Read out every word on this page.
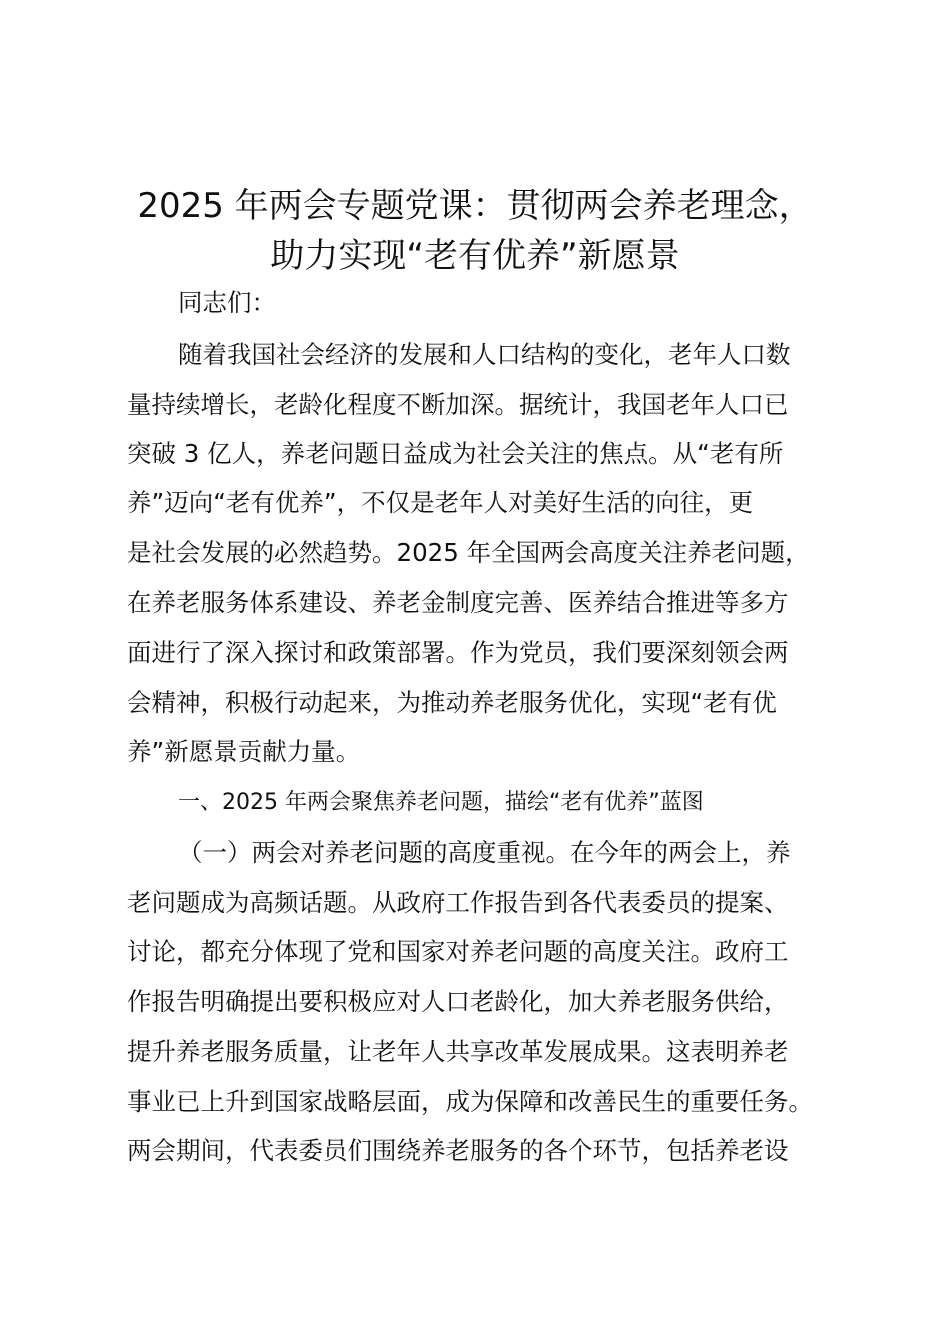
2025 年两会专题党课：贯彻两会养老理念，
助力实现“老有优养”新愿景
同志们：
随着我国社会经济的发展和人口结构的变化，老年人口数
量持续增长，老龄化程度不断加深。据统计，我国老年人口已
突破 3 亿人，养老问题日益成为社会关注的焦点。从“老有所
养”迈向“老有优养”，不仅是老年人对美好生活的向往，更
是社会发展的必然趋势。2025 年全国两会高度关注养老问题，
在养老服务体系建设、养老金制度完善、医养结合推进等多方
面进行了深入探讨和政策部署。作为党员，我们要深刻领会两
会精神，积极行动起来，为推动养老服务优化，实现“老有优
养”新愿景贡献力量。
一、2025 年两会聚焦养老问题，描绘“老有优养”蓝图
（一）两会对养老问题的高度重视。在今年的两会上，养
老问题成为高频话题。从政府工作报告到各代表委员的提案、
讨论，都充分体现了党和国家对养老问题的高度关注。政府工
作报告明确提出要积极应对人口老龄化，加大养老服务供给，
提升养老服务质量，让老年人共享改革发展成果。这表明养老
事业已上升到国家战略层面，成为保障和改善民生的重要任务。
两会期间，代表委员们围绕养老服务的各个环节，包括养老设
